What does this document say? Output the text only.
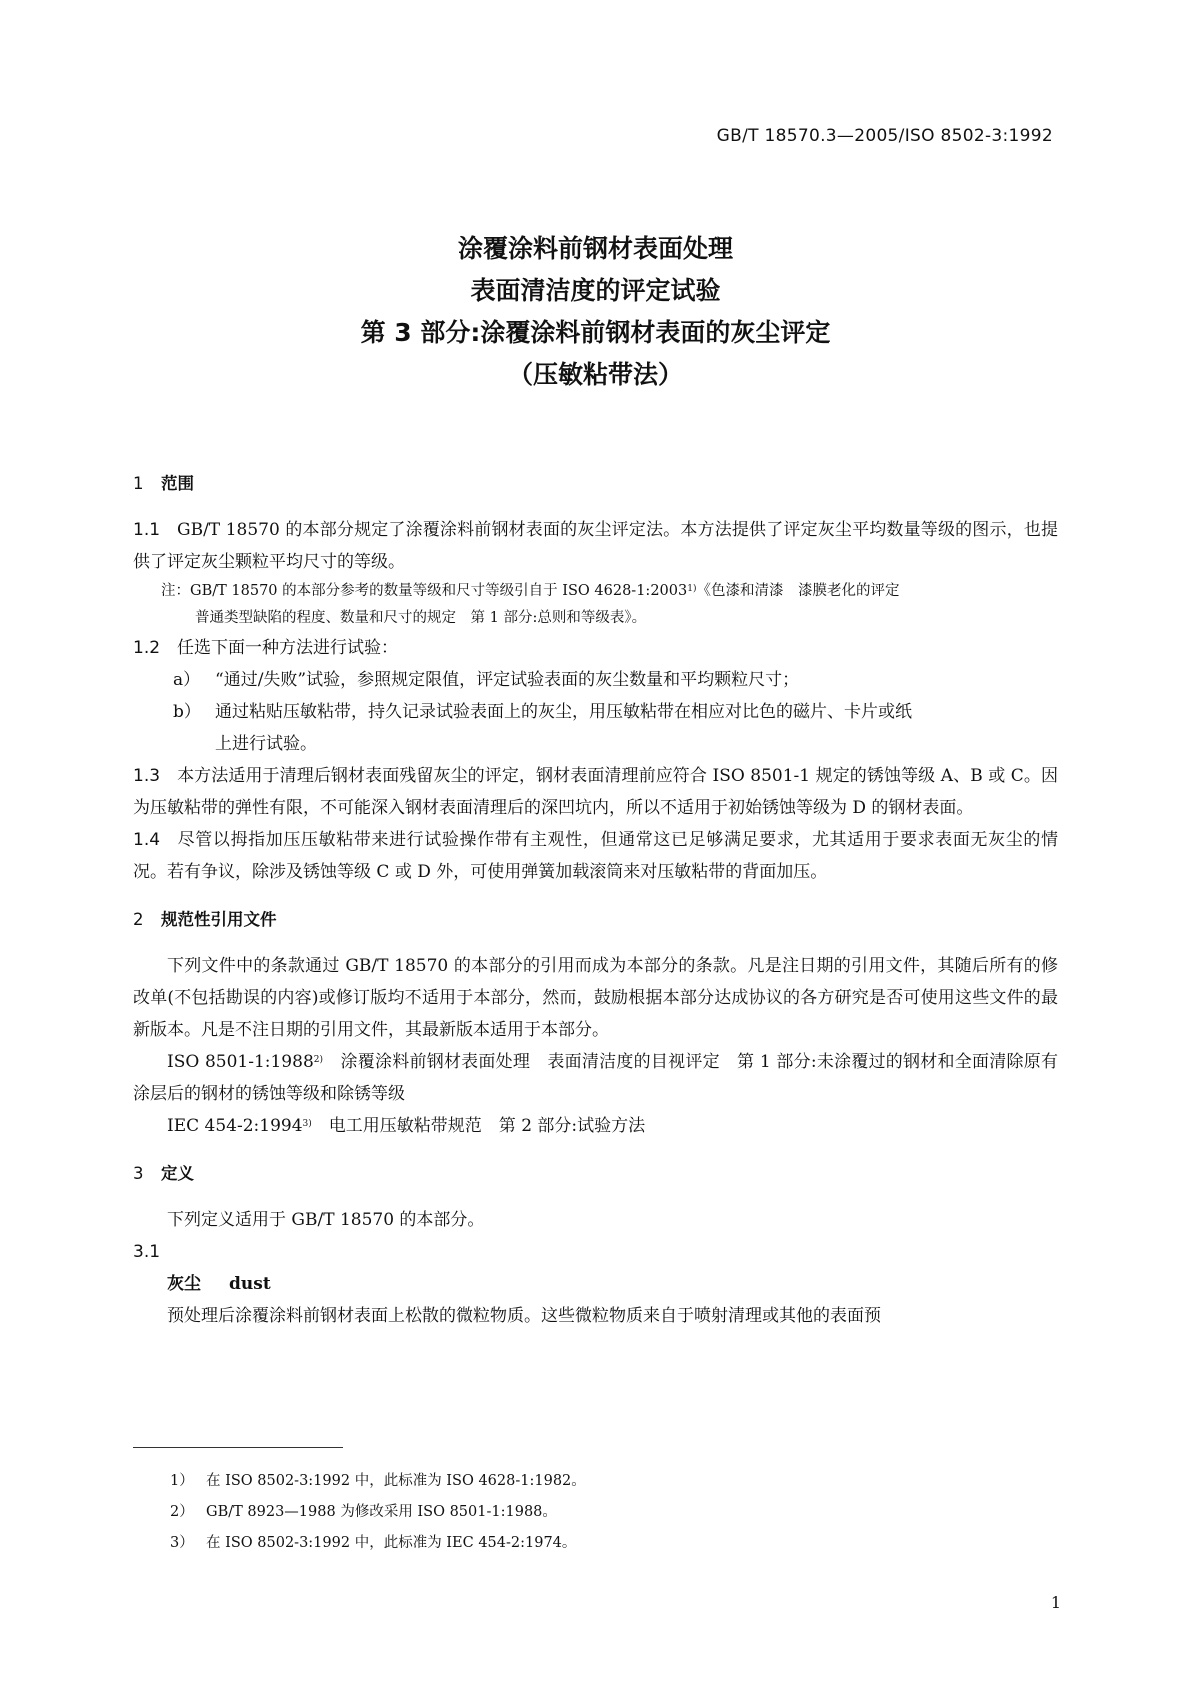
GB/T 18570.3—2005/ISO 8502-3:1992
涂覆涂料前钢材表面处理
表面清洁度的评定试验
第 3 部分:涂覆涂料前钢材表面的灰尘评定
（压敏粘带法）
1 范围
1.1 GB/T 18570 的本部分规定了涂覆涂料前钢材表面的灰尘评定法。本方法提供了评定灰尘平均数量等级的图示，也提供了评定灰尘颗粒平均尺寸的等级。
注：GB/T 18570 的本部分参考的数量等级和尺寸等级引自于 ISO 4628-1:2003$^{1)}$《色漆和清漆　漆膜老化的评定
普通类型缺陷的程度、数量和尺寸的规定　第 1 部分:总则和等级表》。
1.2 任选下面一种方法进行试验：
a） “通过/失败”试验，参照规定限值，评定试验表面的灰尘数量和平均颗粒尺寸；
b） 通过粘贴压敏粘带，持久记录试验表面上的灰尘，用压敏粘带在相应对比色的磁片、卡片或纸
上进行试验。
1.3 本方法适用于清理后钢材表面残留灰尘的评定，钢材表面清理前应符合 ISO 8501-1 规定的锈蚀等级 A、B 或 C。因为压敏粘带的弹性有限，不可能深入钢材表面清理后的深凹坑内，所以不适用于初始锈蚀等级为 D 的钢材表面。
1.4 尽管以拇指加压压敏粘带来进行试验操作带有主观性，但通常这已足够满足要求，尤其适用于要求表面无灰尘的情况。若有争议，除涉及锈蚀等级 C 或 D 外，可使用弹簧加载滚筒来对压敏粘带的背面加压。
2 规范性引用文件
下列文件中的条款通过 GB/T 18570 的本部分的引用而成为本部分的条款。凡是注日期的引用文件，其随后所有的修改单(不包括勘误的内容)或修订版均不适用于本部分，然而，鼓励根据本部分达成协议的各方研究是否可使用这些文件的最新版本。凡是不注日期的引用文件，其最新版本适用于本部分。
ISO 8501-1:1988$^{2)}$　涂覆涂料前钢材表面处理　表面清洁度的目视评定　第 1 部分:未涂覆过的钢材和全面清除原有涂层后的钢材的锈蚀等级和除锈等级
IEC 454-2:1994$^{3)}$　电工用压敏粘带规范　第 2 部分:试验方法
3 定义
下列定义适用于 GB/T 18570 的本部分。
3.1
灰尘 dust
预处理后涂覆涂料前钢材表面上松散的微粒物质。这些微粒物质来自于喷射清理或其他的表面预
1） 在 ISO 8502-3:1992 中，此标准为 ISO 4628-1:1982。
2） GB/T 8923—1988 为修改采用 ISO 8501-1:1988。
3） 在 ISO 8502-3:1992 中，此标准为 IEC 454-2:1974。
1
